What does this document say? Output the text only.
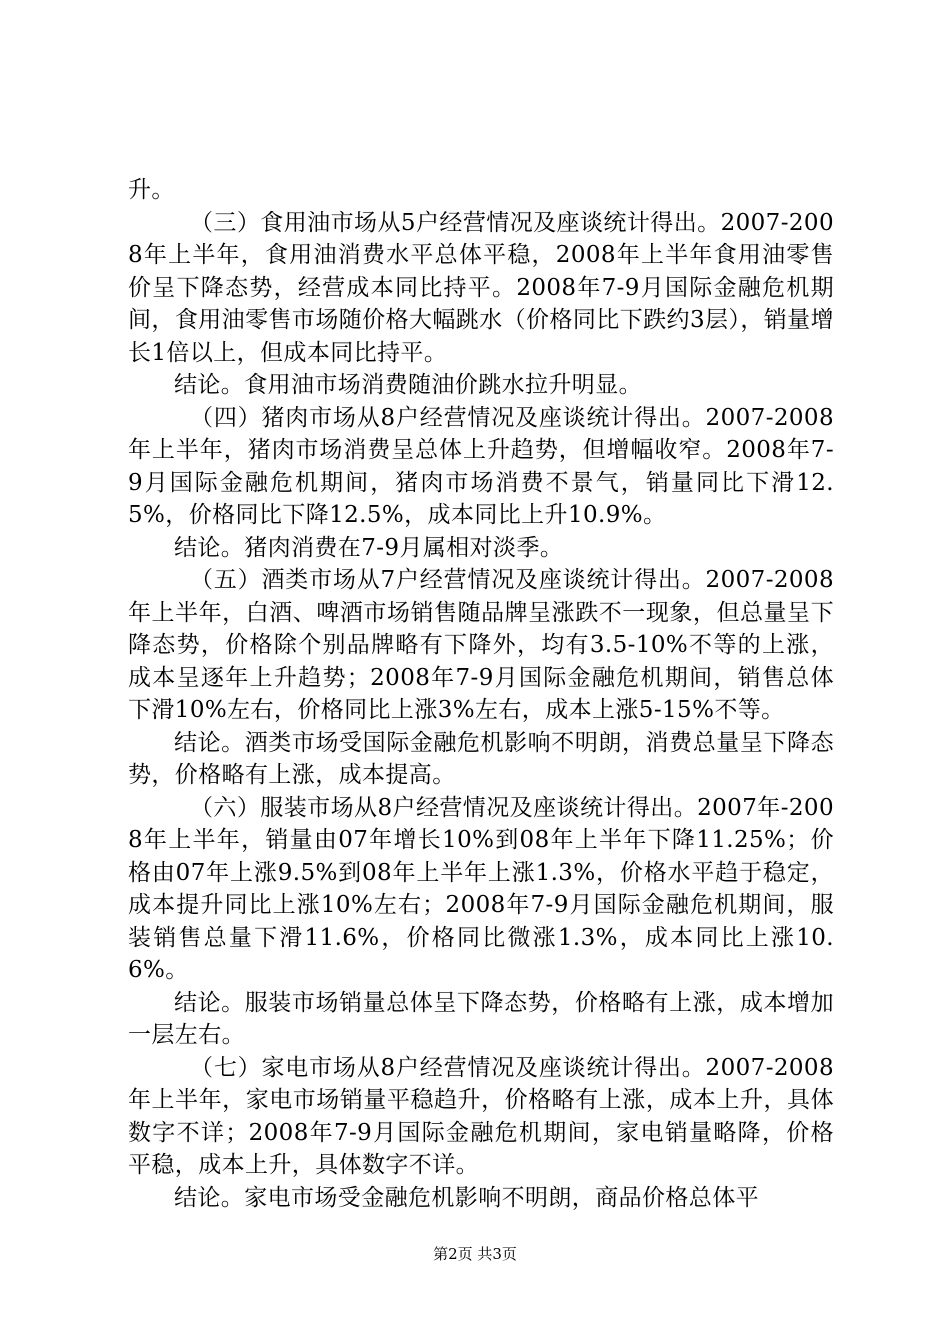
升。

（三）食用油市场从5户经营情况及座谈统计得出。2007-2008年上半年，食用油消费水平总体平稳，2008年上半年食用油零售价呈下降态势，经营成本同比持平。2008年7-9月国际金融危机期间，食用油零售市场随价格大幅跳水（价格同比下跌约3层），销量增长1倍以上，但成本同比持平。

结论。食用油市场消费随油价跳水拉升明显。

（四）猪肉市场从8户经营情况及座谈统计得出。2007-2008年上半年，猪肉市场消费呈总体上升趋势，但增幅收窄。2008年7-9月国际金融危机期间，猪肉市场消费不景气，销量同比下滑12.5%，价格同比下降12.5%，成本同比上升10.9%。

结论。猪肉消费在7-9月属相对淡季。

（五）酒类市场从7户经营情况及座谈统计得出。2007-2008年上半年，白酒、啤酒市场销售随品牌呈涨跌不一现象，但总量呈下降态势，价格除个别品牌略有下降外，均有3.5-10%不等的上涨，成本呈逐年上升趋势；2008年7-9月国际金融危机期间，销售总体下滑10%左右，价格同比上涨3%左右，成本上涨5-15%不等。

结论。酒类市场受国际金融危机影响不明朗，消费总量呈下降态势，价格略有上涨，成本提高。

（六）服装市场从8户经营情况及座谈统计得出。2007年-2008年上半年，销量由07年增长10%到08年上半年下降11.25%；价格由07年上涨9.5%到08年上半年上涨1.3%，价格水平趋于稳定，成本提升同比上涨10%左右；2008年7-9月国际金融危机期间，服装销售总量下滑11.6%，价格同比微涨1.3%，成本同比上涨10.6%。

结论。服装市场销量总体呈下降态势，价格略有上涨，成本增加一层左右。

（七）家电市场从8户经营情况及座谈统计得出。2007-2008年上半年，家电市场销量平稳趋升，价格略有上涨，成本上升，具体数字不详；2008年7-9月国际金融危机期间，家电销量略降，价格平稳，成本上升，具体数字不详。

结论。家电市场受金融危机影响不明朗，商品价格总体平

第2页 共3页
